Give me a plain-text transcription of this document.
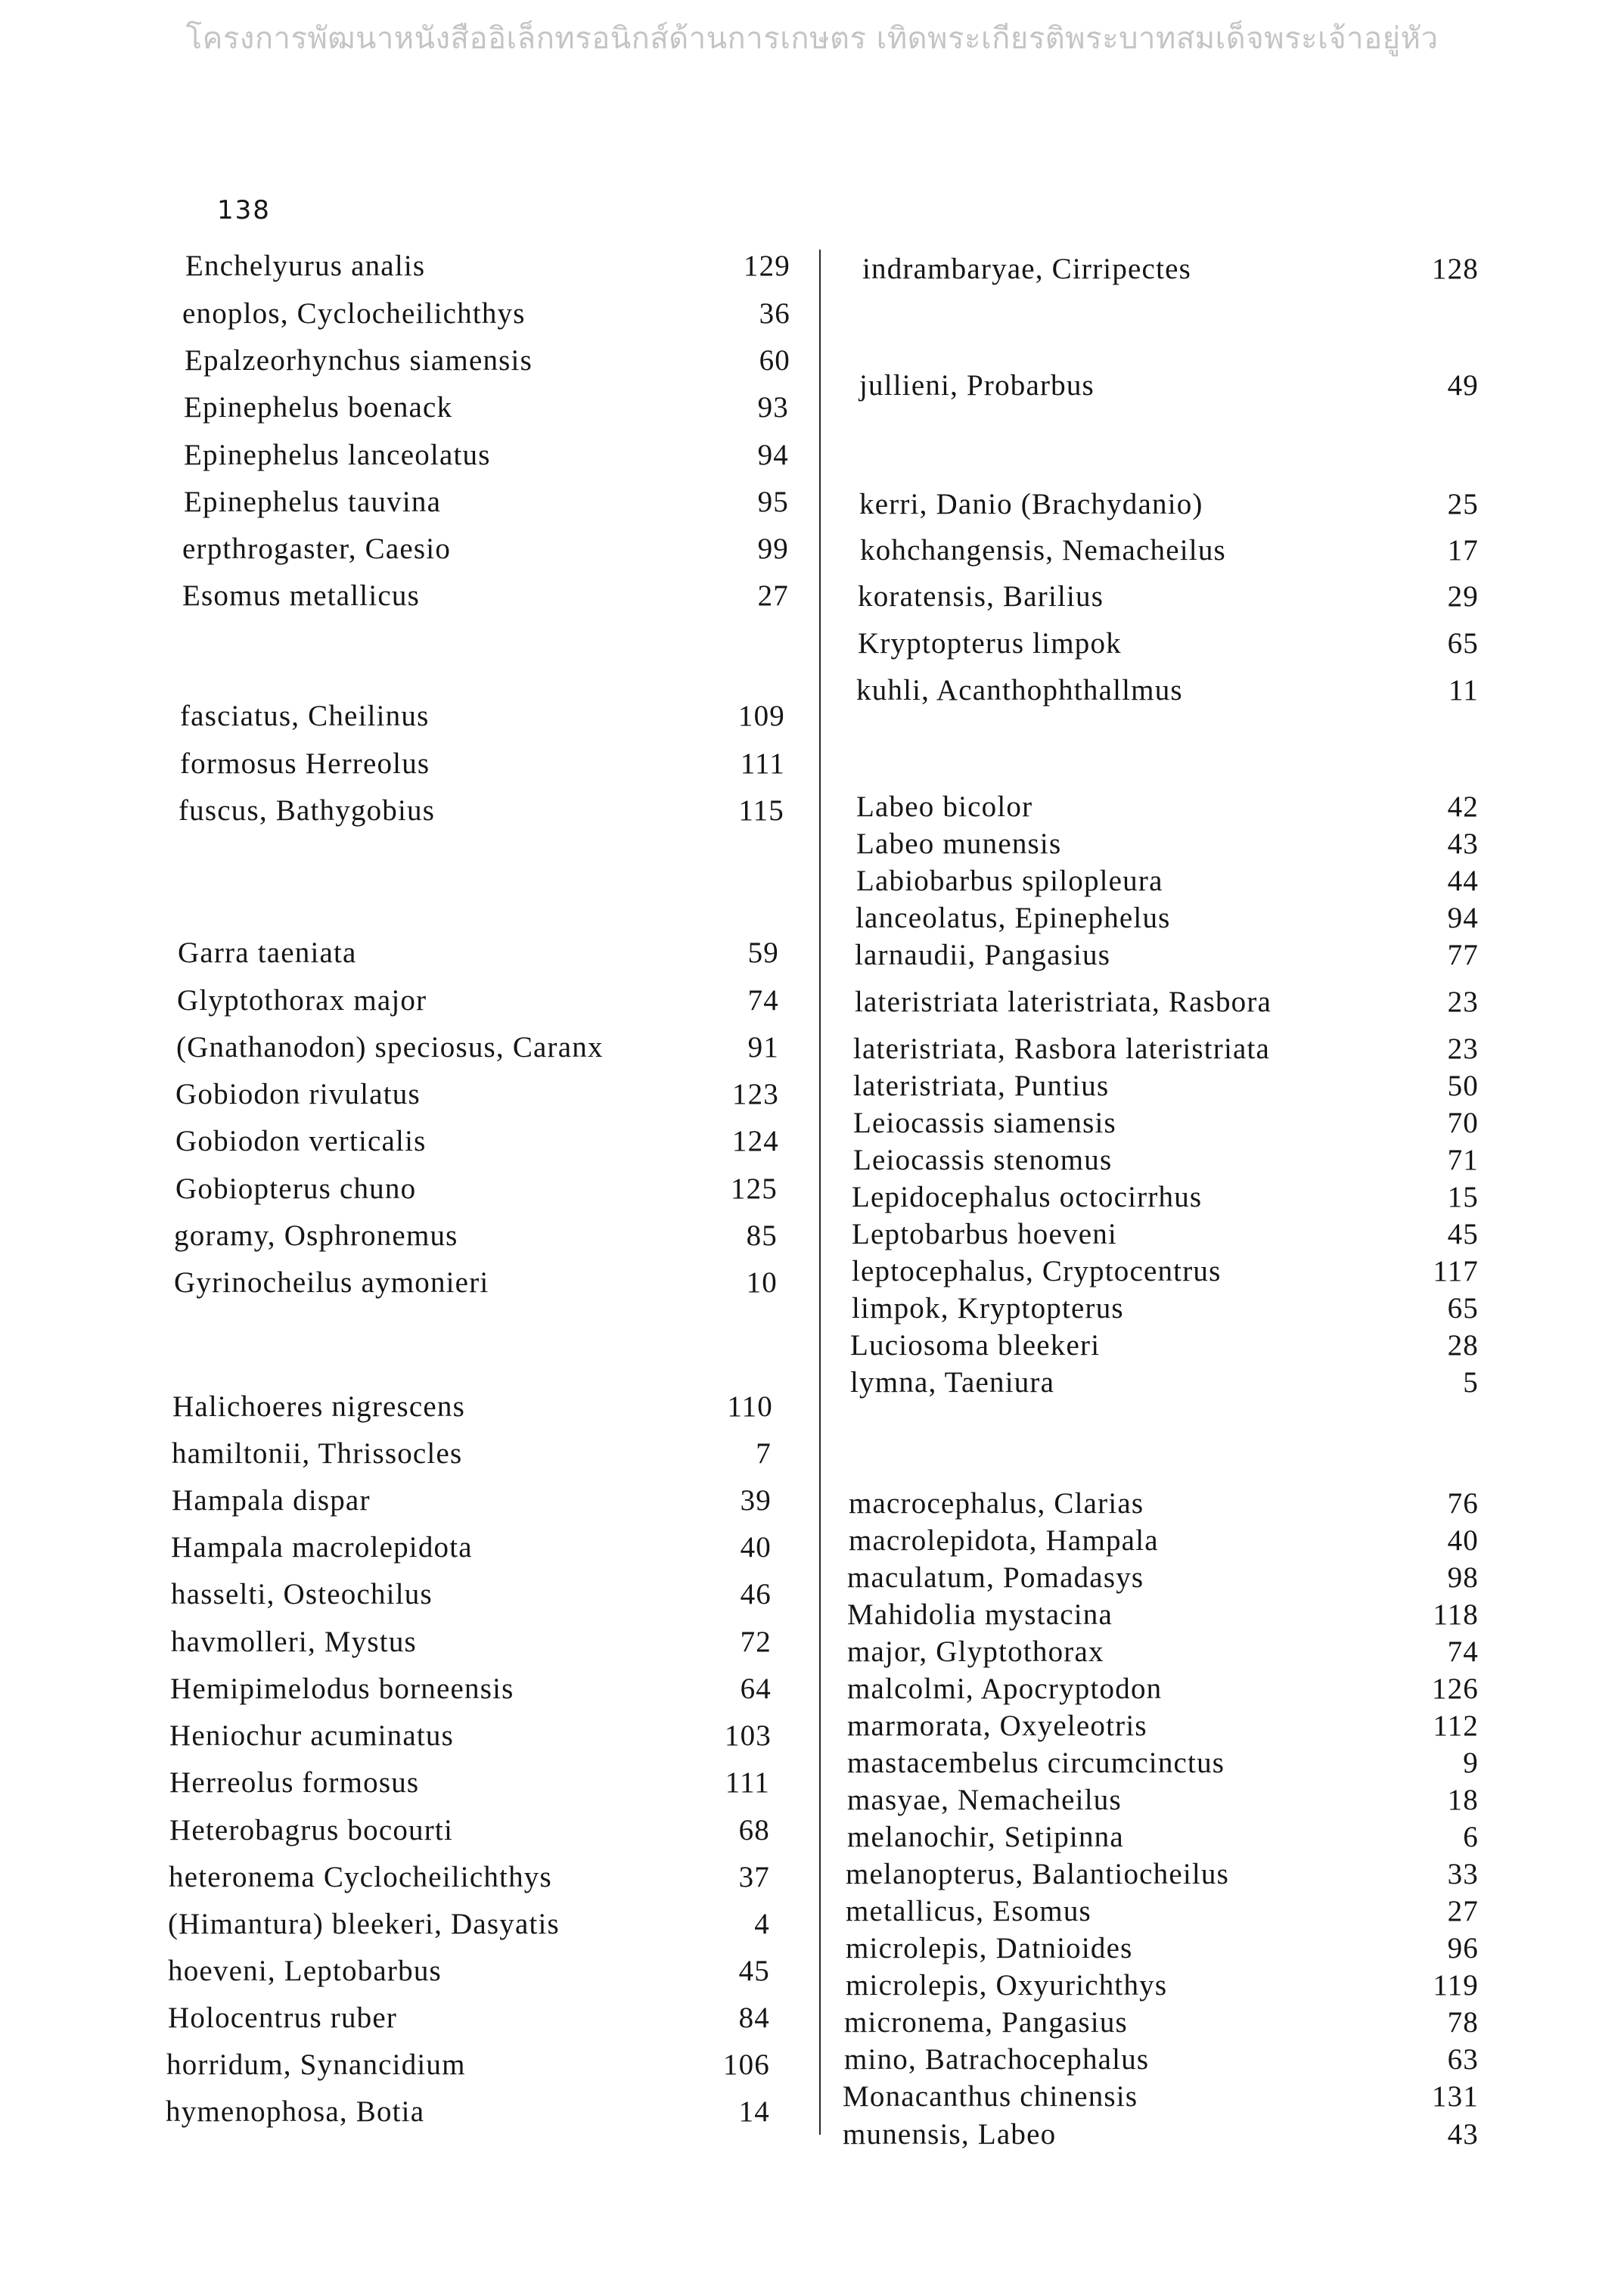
โครงการพัฒนาหนังสืออิเล็กทรอนิกส์ด้านการเกษตร เทิดพระเกียรติพระบาทสมเด็จพระเจ้าอยู่หัว
138
Enchelyurus analis	129
enoplos, Cyclocheilichthys	36
Epalzeorhynchus siamensis	60
Epinephelus boenack	93
Epinephelus lanceolatus	94
Epinephelus tauvina	95
erpthrogaster, Caesio	99
Esomus metallicus	27
fasciatus, Cheilinus	109
formosus Herreolus	111
fuscus, Bathygobius	115
Garra taeniata	59
Glyptothorax major	74
(Gnathanodon) speciosus, Caranx	91
Gobiodon rivulatus	123
Gobiodon verticalis	124
Gobiopterus chuno	125
goramy, Osphronemus	85
Gyrinocheilus aymonieri	10
Halichoeres nigrescens	110
hamiltonii, Thrissocles	7
Hampala dispar	39
Hampala macrolepidota	40
hasselti, Osteochilus	46
havmolleri, Mystus	72
Hemipimelodus borneensis	64
Heniochur acuminatus	103
Herreolus formosus	111
Heterobagrus bocourti	68
heteronema Cyclocheilichthys	37
(Himantura) bleekeri, Dasyatis	4
hoeveni, Leptobarbus	45
Holocentrus ruber	84
horridum, Synancidium	106
hymenophosa, Botia	14
indrambaryae, Cirripectes	128
jullieni, Probarbus	49
kerri, Danio (Brachydanio)	25
kohchangensis, Nemacheilus	17
koratensis, Barilius	29
Kryptopterus limpok	65
kuhli, Acanthophthallmus	11
Labeo bicolor	42
Labeo munensis	43
Labiobarbus spilopleura	44
lanceolatus, Epinephelus	94
larnaudii, Pangasius	77
lateristriata lateristriata, Rasbora	23
lateristriata, Rasbora lateristriata	23
lateristriata, Puntius	50
Leiocassis siamensis	70
Leiocassis stenomus	71
Lepidocephalus octocirrhus	15
Leptobarbus hoeveni	45
leptocephalus, Cryptocentrus	117
limpok, Kryptopterus	65
Luciosoma bleekeri	28
lymna, Taeniura	5
macrocephalus, Clarias	76
macrolepidota, Hampala	40
maculatum, Pomadasys	98
Mahidolia mystacina	118
major, Glyptothorax	74
malcolmi, Apocryptodon	126
marmorata, Oxyeleotris	112
mastacembelus circumcinctus	9
masyae, Nemacheilus	18
melanochir, Setipinna	6
melanopterus, Balantiocheilus	33
metallicus, Esomus	27
microlepis, Datnioides	96
microlepis, Oxyurichthys	119
micronema, Pangasius	78
mino, Batrachocephalus	63
Monacanthus chinensis	131
munensis, Labeo	43
